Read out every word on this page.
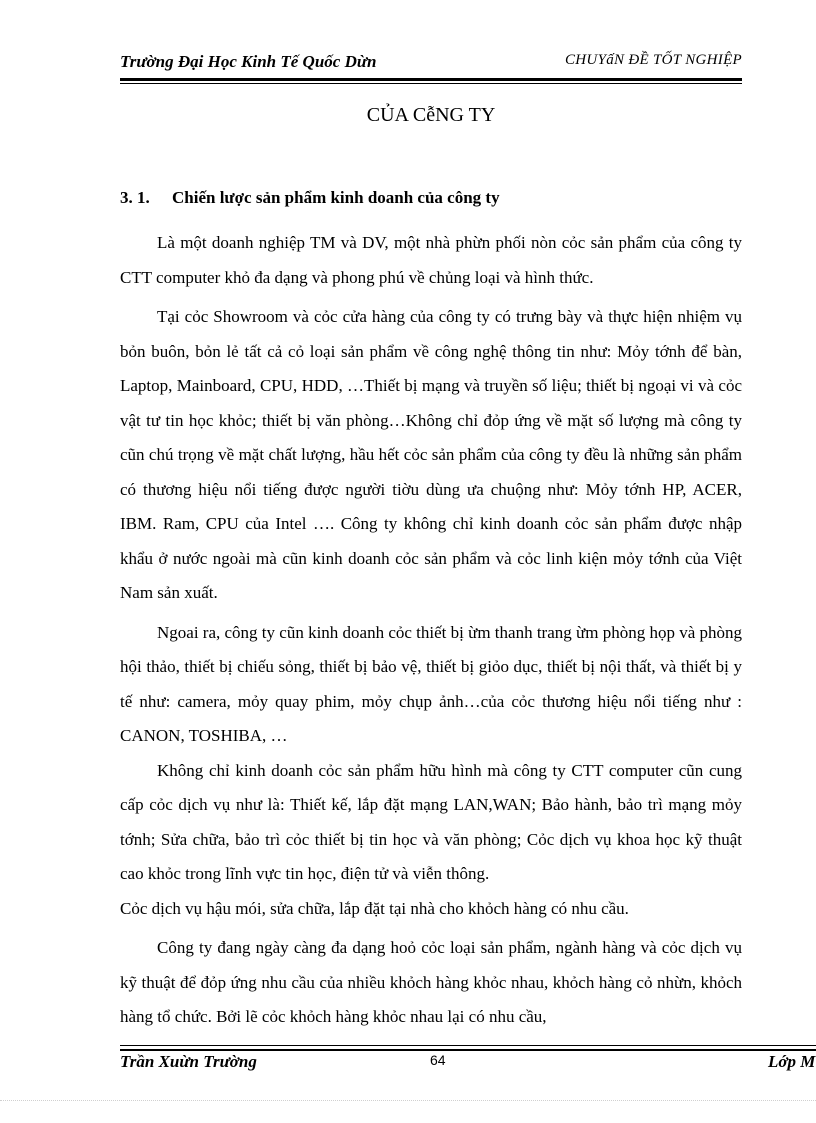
Trường Đại Học Kinh Tế Quốc Dừn	CHUYấN ĐỀ TỐT NGHIỆP
CỦA CễNG TY
3. 1. Chiến lược sản phẩm kinh doanh của công ty

Là một doanh nghiệp TM và DV, một nhà phừn phối nòn cỏc sản phẩm của công ty CTT computer khỏ đa dạng và phong phú về chủng loại và hình thức.

Tại cỏc Showroom và cỏc cửa hàng của công ty có trưng bày và thực hiện nhiệm vụ bỏn buôn, bỏn lẻ tất cả cỏ loại sản phẩm về công nghệ thông tin như: Mỏy tớnh để bàn, Laptop, Mainboard, CPU, HDD, …Thiết bị mạng và truyền số liệu; thiết bị ngoại vi và cỏc vật tư tin học khỏc; thiết bị văn phòng…Không chỉ đỏp ứng về mặt số lượng mà công ty cũn chú trọng về mặt chất lượng, hầu hết cỏc sản phẩm của công ty đều là những sản phẩm có thương hiệu nổi tiếng được người tiờu dùng ưa chuộng như: Mỏy tớnh HP, ACER, IBM. Ram, CPU của Intel …. Công ty không chỉ kinh doanh cỏc sản phẩm được nhập khẩu ở nước ngoài mà cũn kinh doanh cỏc sản phẩm và cỏc linh kiện mỏy tớnh của Việt Nam sản xuất.

Ngoai ra, công ty cũn kinh doanh cỏc thiết bị ừm thanh trang ừm phòng họp và phòng hội thảo, thiết bị chiếu sỏng, thiết bị bảo vệ, thiết bị giỏo dục, thiết bị nội thất, và thiết bị y tế như: camera, mỏy quay phim, mỏy chụp ảnh…của cỏc thương hiệu nổi tiếng như : CANON, TOSHIBA, …

Không chỉ kinh doanh cỏc sản phẩm hữu hình mà công ty CTT computer cũn cung cấp cỏc dịch vụ như là: Thiết kế, lắp đặt mạng LAN,WAN; Bảo hành, bảo trì mạng mỏy tớnh; Sửa chữa, bảo trì cỏc thiết bị tin học và văn phòng; Cỏc dịch vụ khoa học kỹ thuật cao khỏc trong lĩnh vực tin học, điện tử và viễn thông.

Cỏc dịch vụ hậu mói, sửa chữa, lắp đặt tại nhà cho khỏch hàng có nhu cầu.

Công ty đang ngày càng đa dạng hoỏ cỏc loại sản phẩm, ngành hàng và cỏc dịch vụ kỹ thuật để đỏp ứng nhu cầu của nhiều khỏch hàng khỏc nhau, khỏch hàng cỏ nhừn, khỏch hàng tổ chức. Bởi lẽ cỏc khỏch hàng khỏc nhau lại có nhu cầu,

Trần Xuừn Trường	64	Lớp M
